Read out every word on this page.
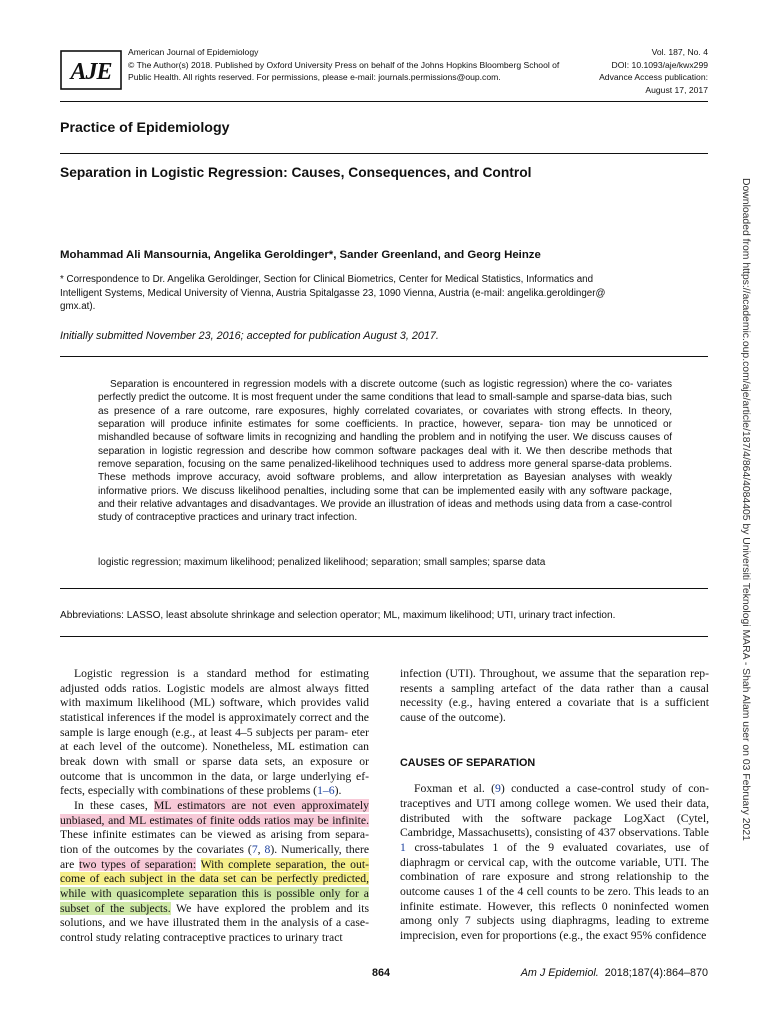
AJE
American Journal of Epidemiology
© The Author(s) 2018. Published by Oxford University Press on behalf of the Johns Hopkins Bloomberg School of
Public Health. All rights reserved. For permissions, please e-mail: journals.permissions@oup.com.
Vol. 187, No. 4
DOI: 10.1093/aje/kwx299
Advance Access publication:
August 17, 2017
Practice of Epidemiology
Separation in Logistic Regression: Causes, Consequences, and Control
Mohammad Ali Mansournia, Angelika Geroldinger*, Sander Greenland, and Georg Heinze
* Correspondence to Dr. Angelika Geroldinger, Section for Clinical Biometrics, Center for Medical Statistics, Informatics and Intelligent Systems, Medical University of Vienna, Austria Spitalgasse 23, 1090 Vienna, Austria (e-mail: angelika.geroldinger@ gmx.at).
Initially submitted November 23, 2016; accepted for publication August 3, 2017.
Separation is encountered in regression models with a discrete outcome (such as logistic regression) where the co- variates perfectly predict the outcome. It is most frequent under the same conditions that lead to small-sample and sparse-data bias, such as presence of a rare outcome, rare exposures, highly correlated covariates, or covariates with strong effects. In theory, separation will produce infinite estimates for some coefficients. In practice, however, separa- tion may be unnoticed or mishandled because of software limits in recognizing and handling the problem and in notifying the user. We discuss causes of separation in logistic regression and describe how common software packages deal with it. We then describe methods that remove separation, focusing on the same penalized-likelihood techniques used to address more general sparse-data problems. These methods improve accuracy, avoid software problems, and allow interpretation as Bayesian analyses with weakly informative priors. We discuss likelihood penalties, including some that can be implemented easily with any software package, and their relative advantages and disadvantages. We provide an illustration of ideas and methods using data from a case-control study of contraceptive practices and urinary tract infection.
logistic regression; maximum likelihood; penalized likelihood; separation; small samples; sparse data
Abbreviations: LASSO, least absolute shrinkage and selection operator; ML, maximum likelihood; UTI, urinary tract infection.

Logistic regression is a standard method for estimating adjusted odds ratios. Logistic models are almost always fitted with maximum likelihood (ML) software, which provides valid statistical inferences if the model is approximately correct and the sample is large enough (e.g., at least 4–5 subjects per param- eter at each level of the outcome). Nonetheless, ML estimation can break down with small or sparse data sets, an exposure or outcome that is uncommon in the data, or large underlying ef- fects, especially with combinations of these problems (1–6).

In these cases, ML estimators are not even approximately unbiased, and ML estimates of finite odds ratios may be infinite. These infinite estimates can be viewed as arising from separa- tion of the outcomes by the covariates (7, 8). Numerically, there are two types of separation: With complete separation, the out- come of each subject in the data set can be perfectly predicted, while with quasicomplete separation this is possible only for a subset of the subjects. We have explored the problem and its solutions, and we have illustrated them in the analysis of a case- control study relating contraceptive practices to urinary tract

infection (UTI). Throughout, we assume that the separation rep- resents a sampling artefact of the data rather than a causal necessity (e.g., having entered a covariate that is a sufficient cause of the outcome).

CAUSES OF SEPARATION

Foxman et al. (9) conducted a case-control study of con- traceptives and UTI among college women. We used their data, distributed with the software package LogXact (Cytel, Cambridge, Massachusetts), consisting of 437 observations. Table 1 cross-tabulates 1 of the 9 evaluated covariates, use of diaphragm or cervical cap, with the outcome variable, UTI. The combination of rare exposure and strong relationship to the outcome causes 1 of the 4 cell counts to be zero. This leads to an infinite estimate. However, this reflects 0 noninfected women among only 7 subjects using diaphragms, leading to extreme imprecision, even for proportions (e.g., the exact 95% confidence

Downloaded from https://academic.oup.com/aje/article/187/4/864/4084405 by Universiti Teknologi MARA - Shah Alam user on 03 February 2021
864	Am J Epidemiol. 2018;187(4):864–870
